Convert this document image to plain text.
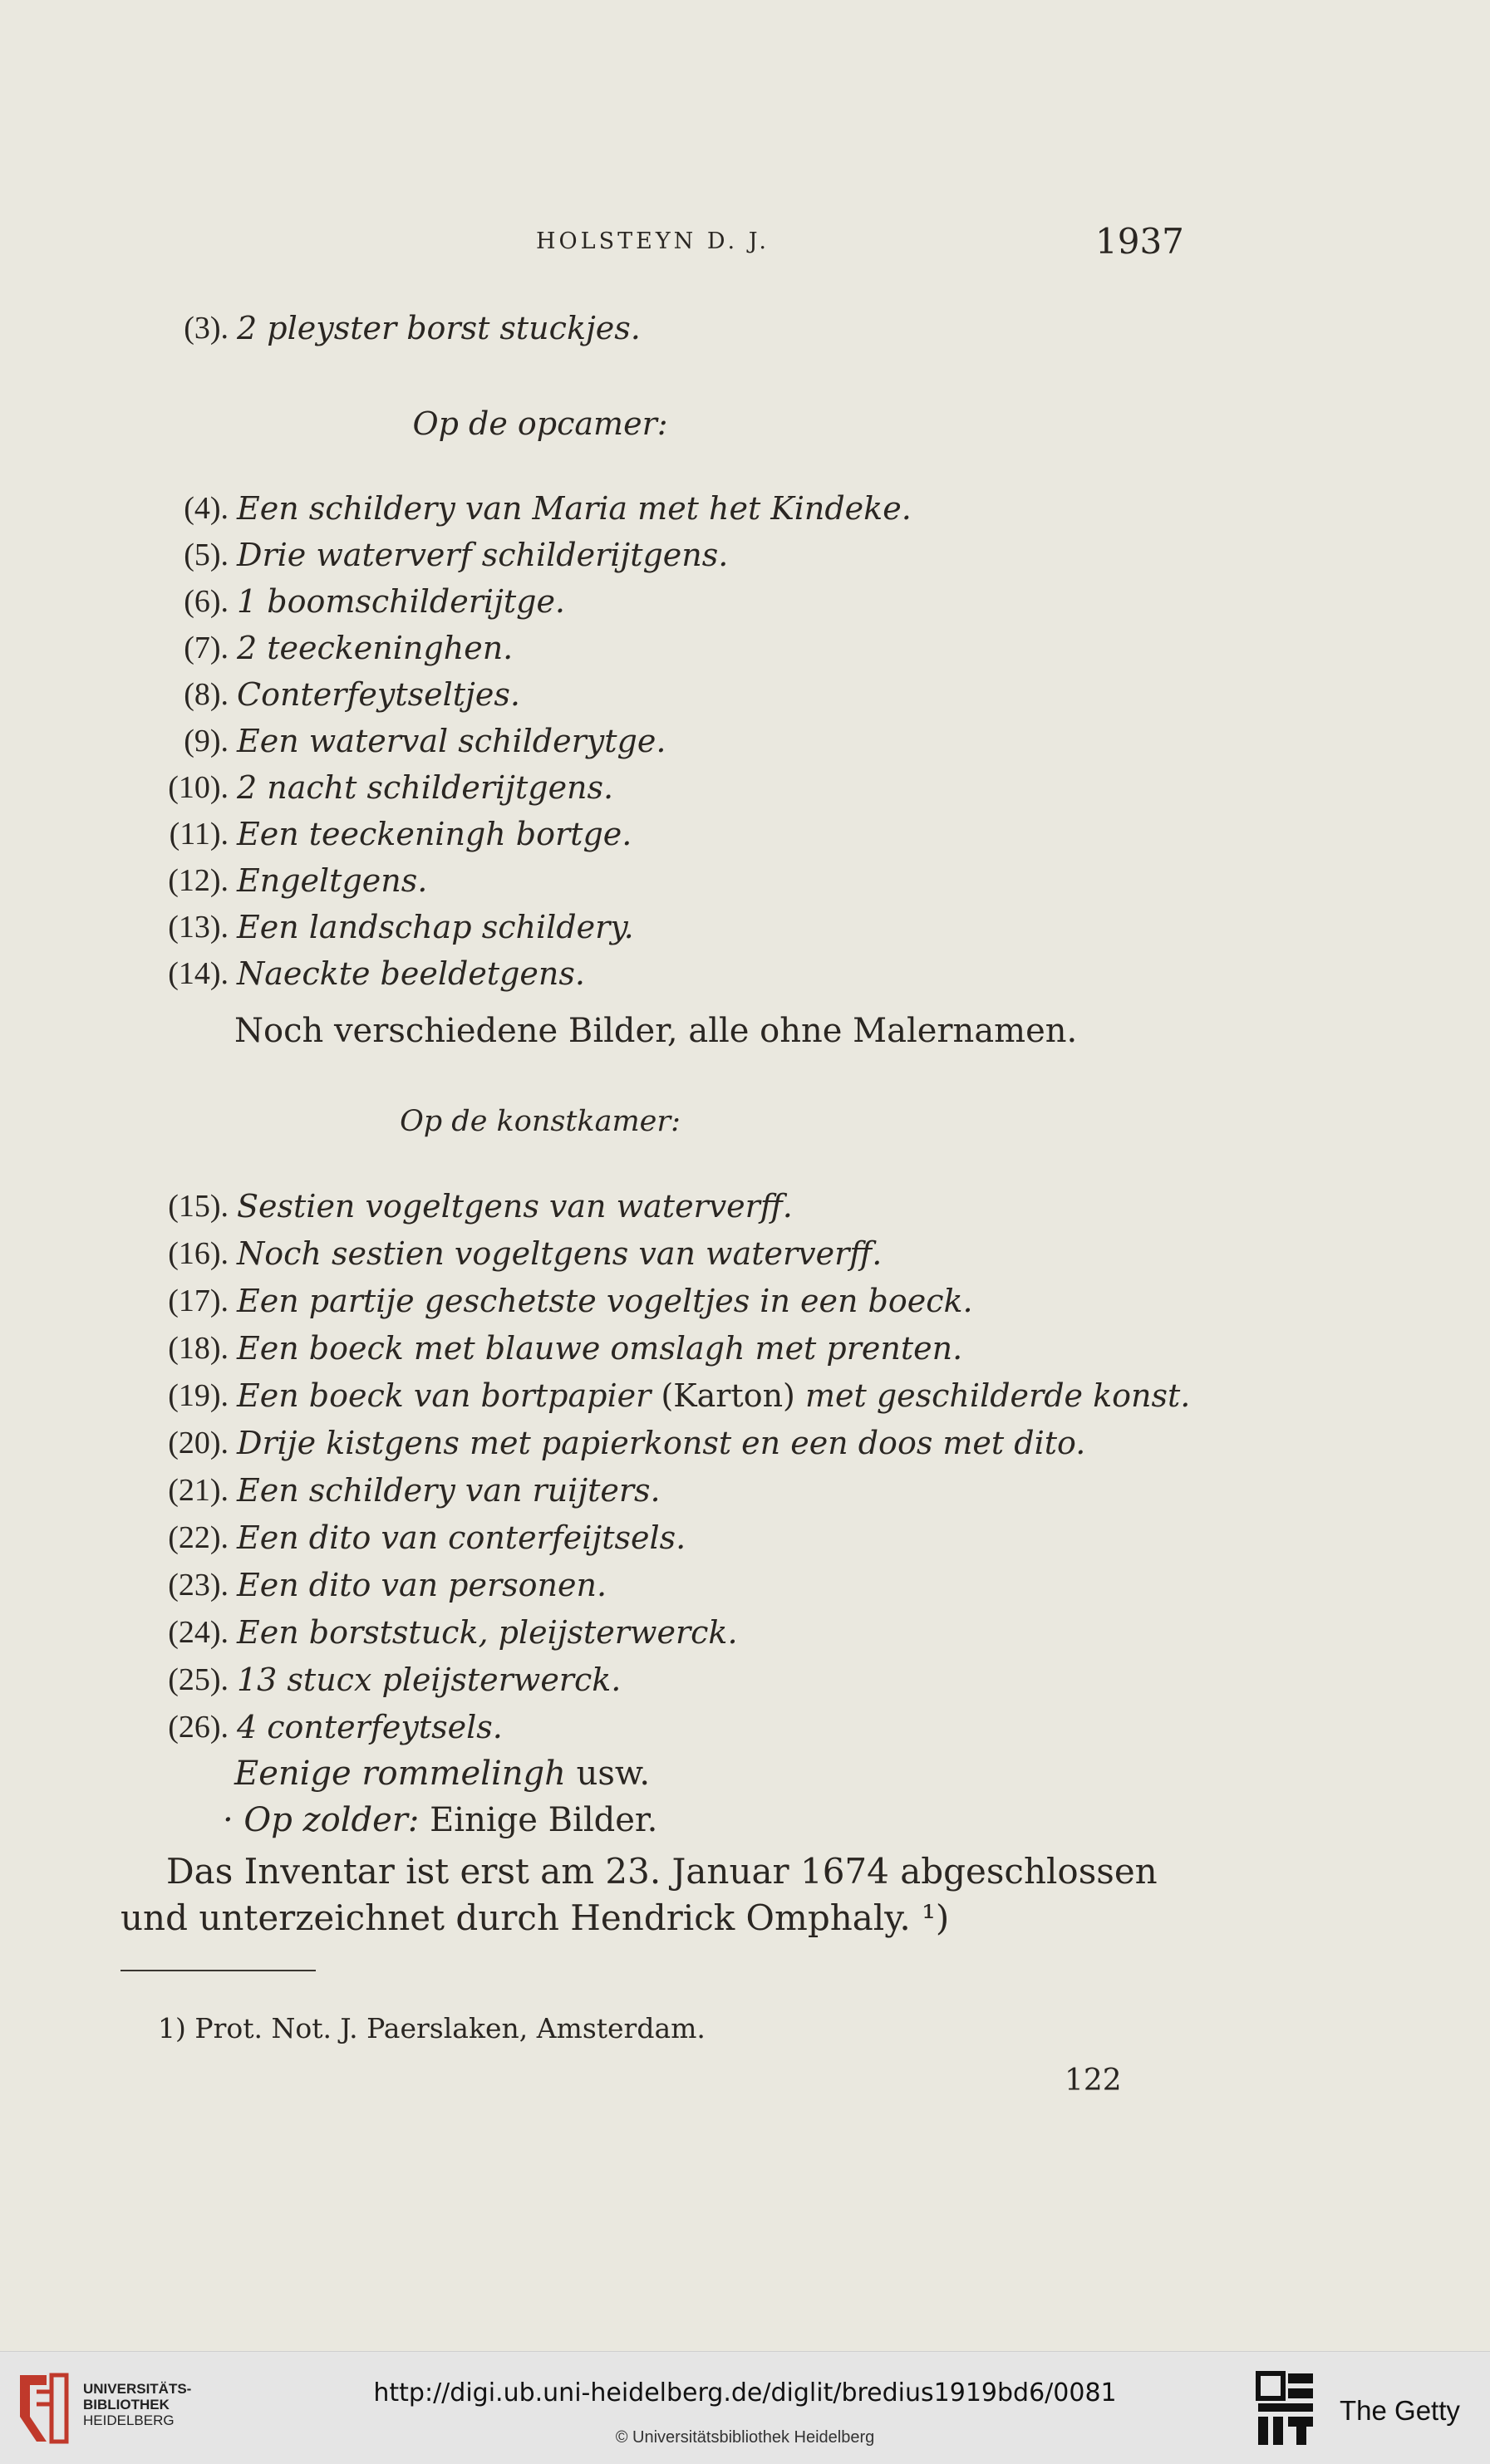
HOLSTEYN D. J.	1937
(3). 2 pleyster borst stuckjes.
Op de opcamer:
(4). Een schildery van Maria met het Kindeke.
(5). Drie waterverf schilderijtgens.
(6). 1 boomschilderijtge.
(7). 2 teeckeninghen.
(8). Conterfeytseltjes.
(9). Een waterval schilderytge.
(10). 2 nacht schilderijtgens.
(11). Een teeckeningh bortge.
(12). Engeltgens.
(13). Een landschap schildery.
(14). Naeckte beeldetgens.
Noch verschiedene Bilder, alle ohne Malernamen.
Op de konstkamer:
(15). Sestien vogeltgens van waterverff.
(16). Noch sestien vogeltgens van waterverff.
(17). Een partije geschetste vogeltjes in een boeck.
(18). Een boeck met blauwe omslagh met prenten.
(19). Een boeck van bortpapier (Karton) met geschilderde konst.
(20). Drije kistgens met papierkonst en een doos met dito.
(21). Een schildery van ruijters.
(22). Een dito van conterfeijtsels.
(23). Een dito van personen.
(24). Een borststuck, pleijsterwerck.
(25). 13 stucx pleijsterwerck.
(26). 4 conterfeytsels.
Eenige rommelingh usw.
· Op zolder: Einige Bilder.
Das Inventar ist erst am 23. Januar 1674 abgeschlossen
und unterzeichnet durch Hendrick Omphaly. ¹)
1) Prot. Not. J. Paerslaken, Amsterdam.
122
UNIVERSITÄTS-
BIBLIOTHEK
HEIDELBERG
http://digi.ub.uni-heidelberg.de/diglit/bredius1919bd6/0081
© Universitätsbibliothek Heidelberg
The Getty
